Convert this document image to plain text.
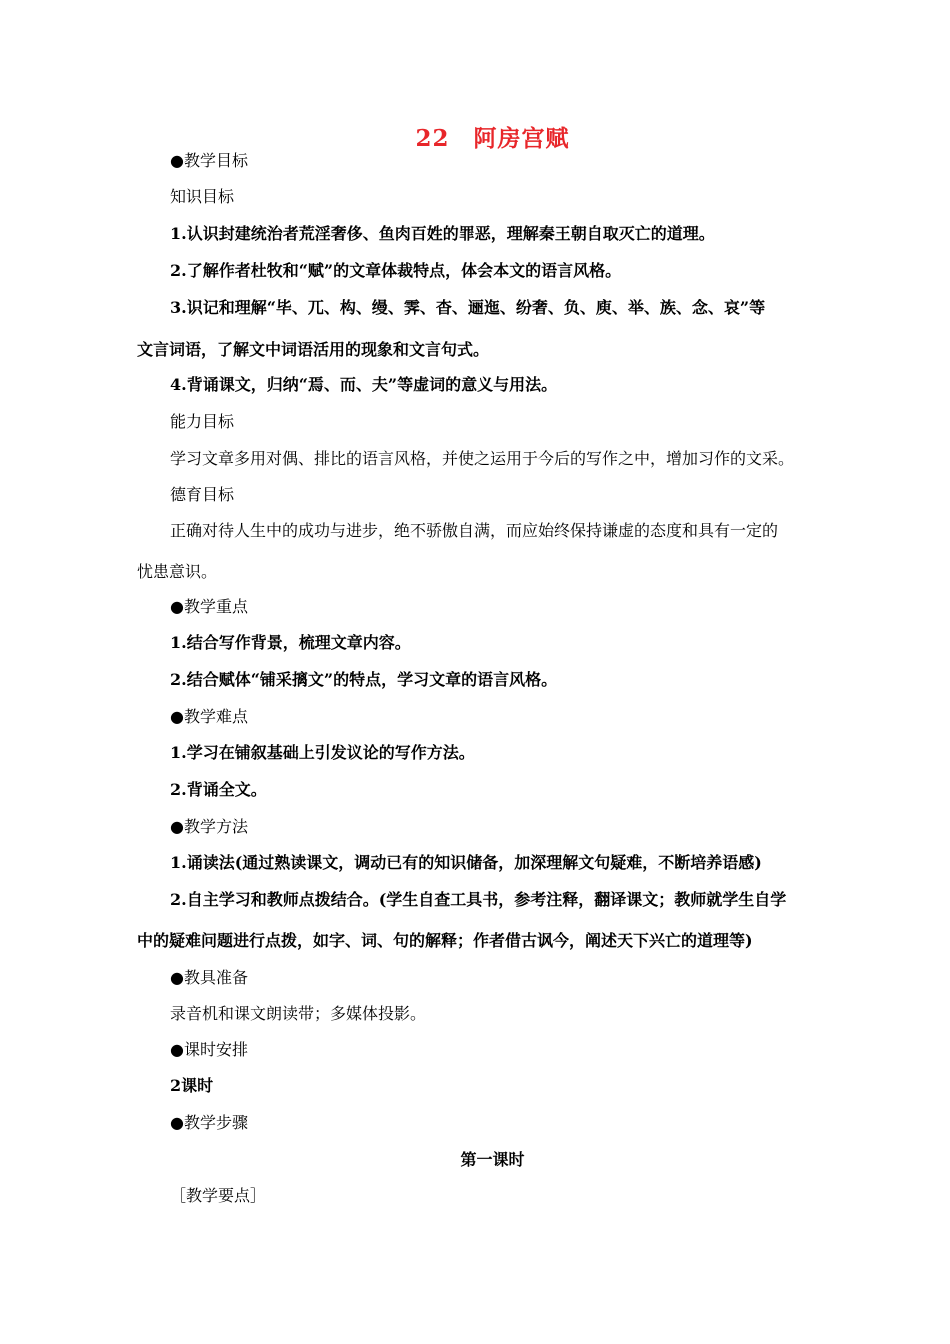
22　阿房宫赋
●教学目标
知识目标
1.认识封建统治者荒淫奢侈、鱼肉百姓的罪恶，理解秦王朝自取灭亡的道理。
2.了解作者杜牧和“赋”的文章体裁特点，体会本文的语言风格。
3.识记和理解“毕、兀、构、缦、霁、杳、逦迤、纷奢、负、庾、举、族、念、哀”等
文言词语，了解文中词语活用的现象和文言句式。
4.背诵课文，归纳“焉、而、夫”等虚词的意义与用法。
能力目标
学习文章多用对偶、排比的语言风格，并使之运用于今后的写作之中，增加习作的文采。
德育目标
正确对待人生中的成功与进步，绝不骄傲自满，而应始终保持谦虚的态度和具有一定的
忧患意识。
●教学重点
1.结合写作背景，梳理文章内容。
2.结合赋体“铺采摛文”的特点，学习文章的语言风格。
●教学难点
1.学习在铺叙基础上引发议论的写作方法。
2.背诵全文。
●教学方法
1.诵读法(通过熟读课文，调动已有的知识储备，加深理解文句疑难，不断培养语感)
2.自主学习和教师点拨结合。(学生自查工具书，参考注释，翻译课文；教师就学生自学
中的疑难问题进行点拨，如字、词、句的解释；作者借古讽今，阐述天下兴亡的道理等)
●教具准备
录音机和课文朗读带；多媒体投影。
●课时安排
2课时
●教学步骤
第一课时
［教学要点］
